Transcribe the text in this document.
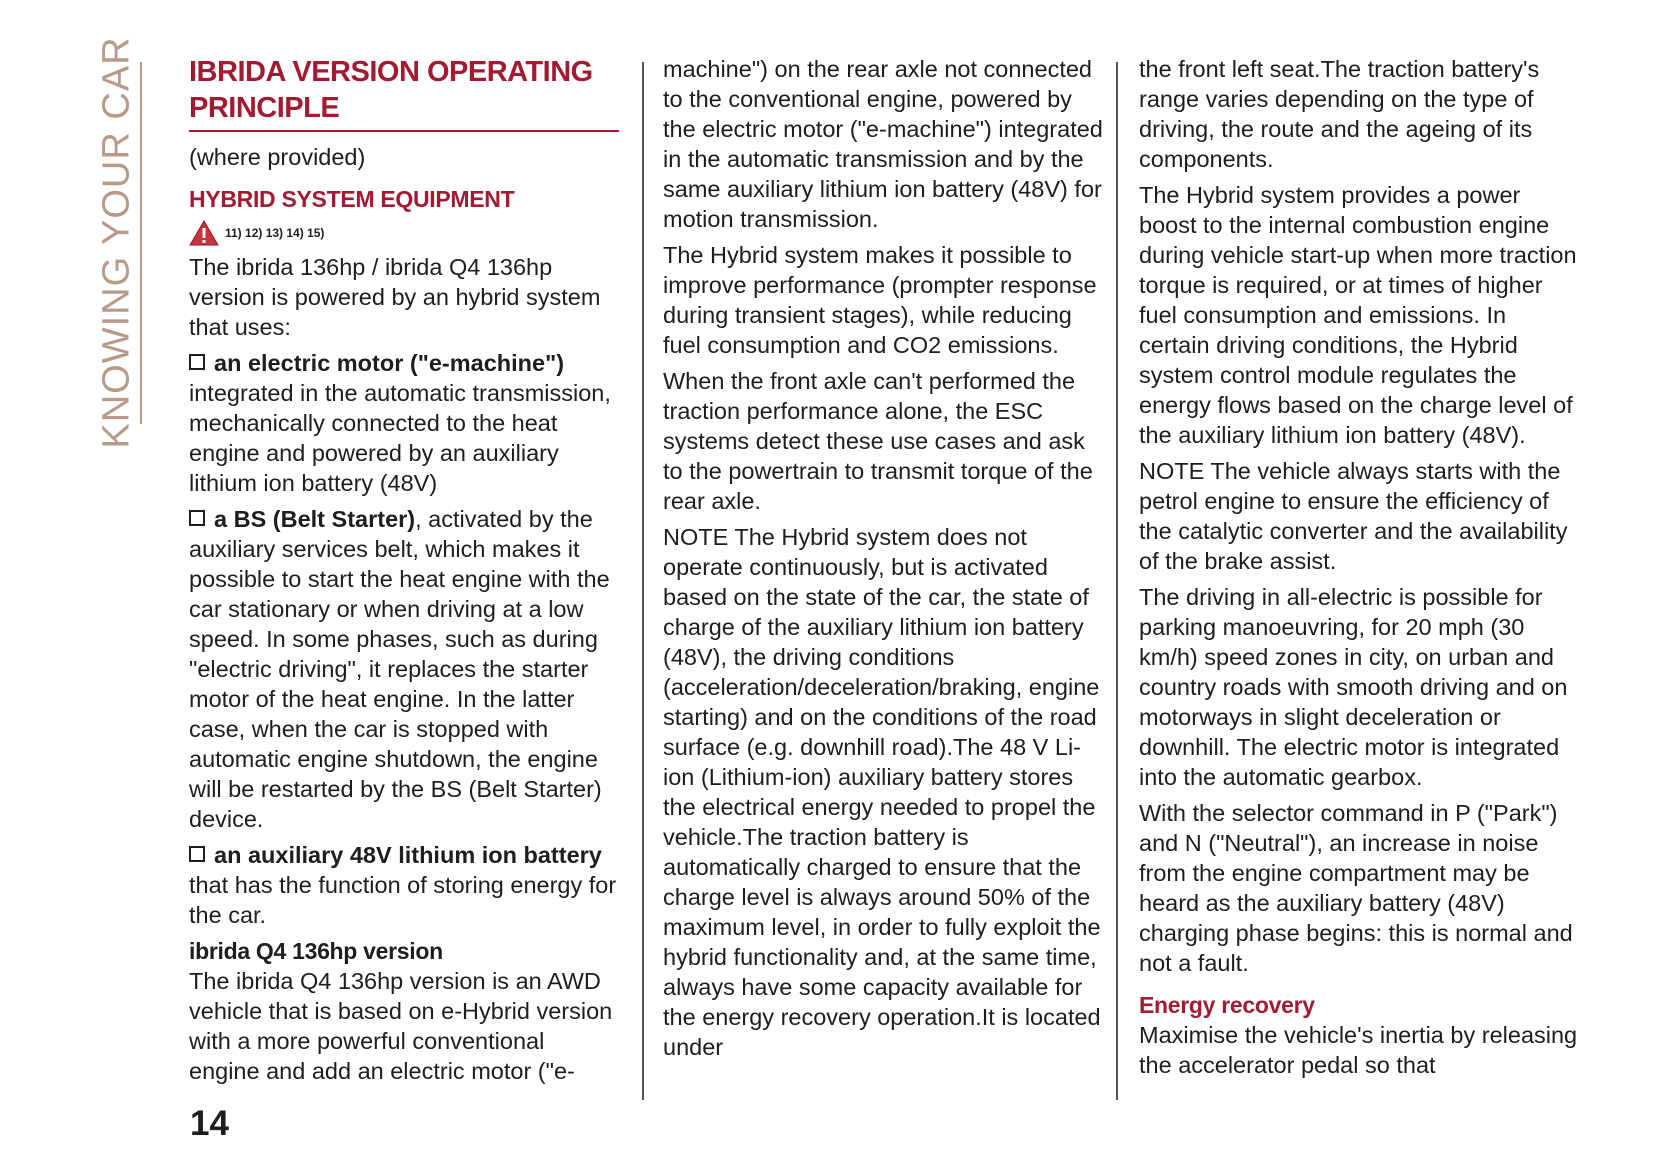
KNOWING YOUR CAR IBRIDA VERSION OPERATING PRINCIPLE

(where provided)

HYBRID SYSTEM EQUIPMENT
11) 12) 13) 14) 15)

The ibrida 136hp / ibrida Q4 136hp version is powered by an hybrid system that uses:

an electric motor ("e-machine")
integrated in the automatic transmission, mechanically connected to the heat engine and powered by an auxiliary lithium ion battery (48V)

a BS (Belt Starter), activated by the auxiliary services belt, which makes it possible to start the heat engine with the car stationary or when driving at a low speed. In some phases, such as during "electric driving", it replaces the starter motor of the heat engine. In the latter case, when the car is stopped with automatic engine shutdown, the engine will be restarted by the BS (Belt Starter) device.

an auxiliary 48V lithium ion battery
that has the function of storing energy for the car.

ibrida Q4 136hp version

The ibrida Q4 136hp version is an AWD vehicle that is based on e-Hybrid version with a more powerful conventional engine and add an electric motor ("e-

machine") on the rear axle not connected to the conventional engine, powered by the electric motor ("e-machine") integrated in the automatic transmission and by the same auxiliary lithium ion battery (48V) for motion transmission.

The Hybrid system makes it possible to improve performance (prompter response during transient stages), while reducing fuel consumption and CO2 emissions.

When the front axle can't performed the traction performance alone, the ESC systems detect these use cases and ask to the powertrain to transmit torque of the rear axle.

NOTE The Hybrid system does not operate continuously, but is activated based on the state of the car, the state of charge of the auxiliary lithium ion battery (48V), the driving conditions (acceleration/deceleration/braking, engine starting) and on the conditions of the road surface (e.g. downhill road).The 48 V Li-ion (Lithium-ion) auxiliary battery stores the electrical energy needed to propel the vehicle.The traction battery is automatically charged to ensure that the charge level is always around 50% of the maximum level, in order to fully exploit the hybrid functionality and, at the same time, always have some capacity available for the energy recovery operation.It is located under

the front left seat.The traction battery's range varies depending on the type of driving, the route and the ageing of its components.

The Hybrid system provides a power boost to the internal combustion engine during vehicle start-up when more traction torque is required, or at times of higher fuel consumption and emissions. In certain driving conditions, the Hybrid system control module regulates the energy flows based on the charge level of the auxiliary lithium ion battery (48V).

NOTE The vehicle always starts with the petrol engine to ensure the efficiency of the catalytic converter and the availability of the brake assist.

The driving in all-electric is possible for parking manoeuvring, for 20 mph (30 km/h) speed zones in city, on urban and country roads with smooth driving and on motorways in slight deceleration or downhill. The electric motor is integrated into the automatic gearbox.

With the selector command in P ("Park") and N ("Neutral"), an increase in noise from the engine compartment may be heard as the auxiliary battery (48V) charging phase begins: this is normal and not a fault.

Energy recovery

Maximise the vehicle's inertia by releasing the accelerator pedal so that

14
